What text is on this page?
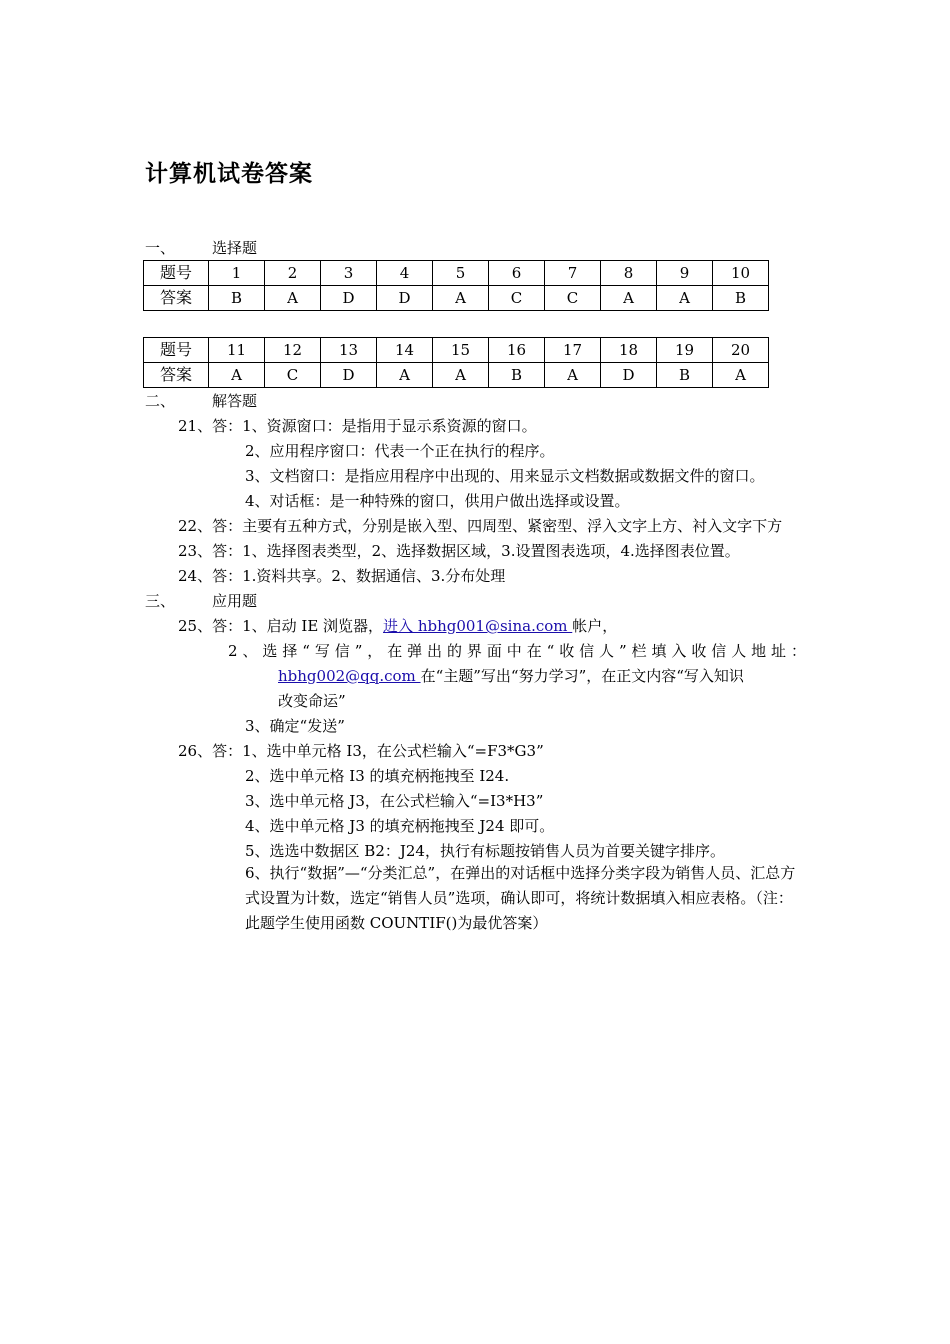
计算机试卷答案
一、 选择题
题号	1	2	3	4	5	6	7	8	9	10
答案	B	A	D	D	A	C	C	A	A	B
题号	11	12	13	14	15	16	17	18	19	20
答案	A	C	D	A	A	B	A	D	B	A
二、 解答题
21、答：1、资源窗口：是指用于显示系资源的窗口。
2、应用程序窗口：代表一个正在执行的程序。
3、文档窗口：是指应用程序中出现的、用来显示文档数据或数据文件的窗口。
4、对话框：是一种特殊的窗口，供用户做出选择或设置。
22、答：主要有五种方式，分别是嵌入型、四周型、紧密型、浮入文字上方、衬入文字下方
23、答：1、选择图表类型，2、选择数据区域，3.设置图表选项，4.选择图表位置。
24、答：1.资料共享。2、数据通信、3.分布处理
三、 应用题
25、答：1、启动 IE 浏览器，进入 hbhg001@sina.com 帐户，
2、选择“写信”，在弹出的界面中在“收信人”栏填入收信人地址：
hbhg002@qq.com 在“主题”写出“努力学习”，在正文内容“写入知识
改变命运”
3、确定“发送”
26、答：1、选中单元格 I3，在公式栏输入“=F3*G3”
2、选中单元格 I3 的填充柄拖拽至 I24.
3、选中单元格 J3，在公式栏输入“=I3*H3”
4、选中单元格 J3 的填充柄拖拽至 J24 即可。
5、选选中数据区 B2：J24，执行有标题按销售人员为首要关键字排序。
6、执行“数据”—“分类汇总”，在弹出的对话框中选择分类字段为销售人员、汇总方式设置为计数，选定“销售人员”选项，确认即可，将统计数据填入相应表格。（注：此题学生使用函数 COUNTIF()为最优答案）
